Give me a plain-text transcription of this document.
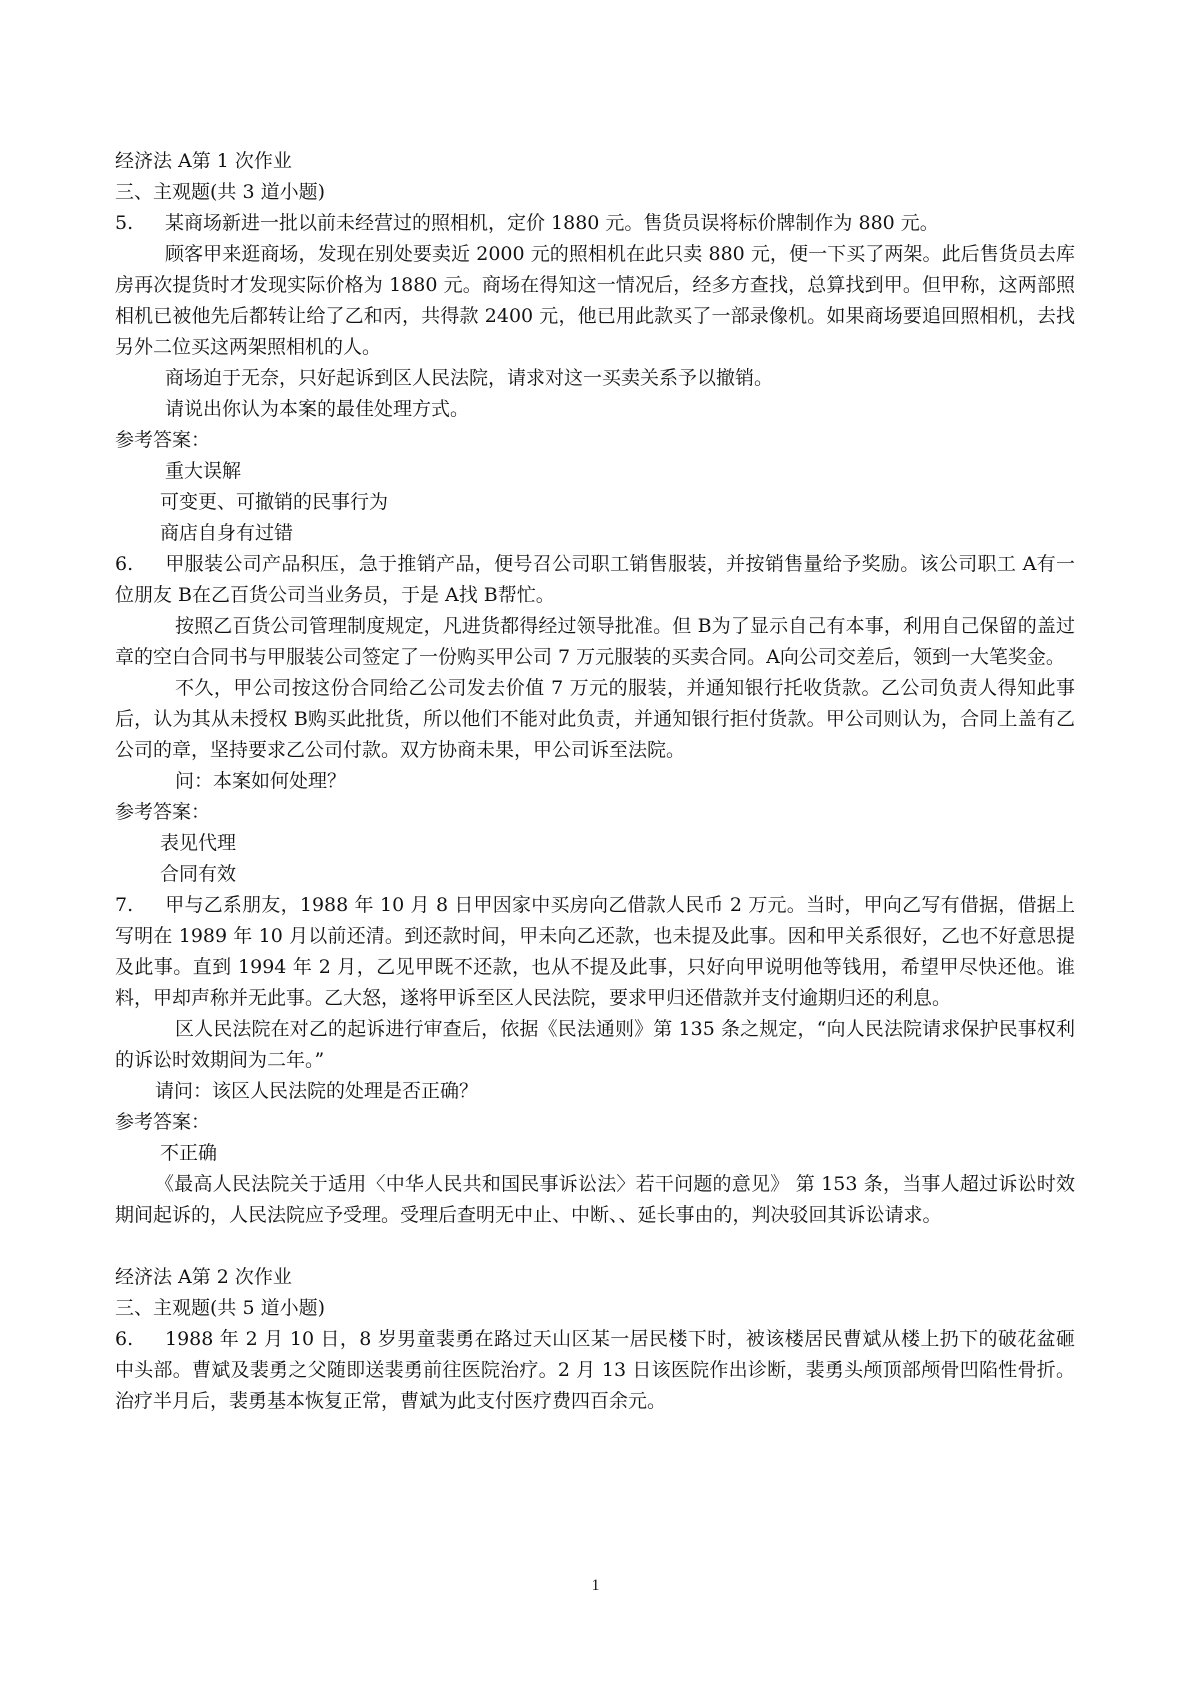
经济法 A第 1 次作业

三、主观题(共 3 道小题)

5. 某商场新进一批以前未经营过的照相机，定价 1880 元。售货员误将标价牌制作为 880 元。

顾客甲来逛商场，发现在别处要卖近 2000 元的照相机在此只卖 880 元，便一下买了两架。此后售货员去库房再次提货时才发现实际价格为 1880 元。商场在得知这一情况后，经多方查找，总算找到甲。但甲称，这两部照相机已被他先后都转让给了乙和丙，共得款 2400 元，他已用此款买了一部录像机。如果商场要追回照相机，去找另外二位买这两架照相机的人。

商场迫于无奈，只好起诉到区人民法院，请求对这一买卖关系予以撤销。

请说出你认为本案的最佳处理方式。

参考答案：

重大误解

可变更、可撤销的民事行为

商店自身有过错

6. 甲服装公司产品积压，急于推销产品，便号召公司职工销售服装，并按销售量给予奖励。该公司职工 A有一位朋友 B在乙百货公司当业务员，于是 A找 B帮忙。

按照乙百货公司管理制度规定，凡进货都得经过领导批准。但 B为了显示自己有本事，利用自己保留的盖过章的空白合同书与甲服装公司签定了一份购买甲公司 7 万元服装的买卖合同。A向公司交差后，领到一大笔奖金。

不久，甲公司按这份合同给乙公司发去价值 7 万元的服装，并通知银行托收货款。乙公司负责人得知此事后，认为其从未授权 B购买此批货，所以他们不能对此负责，并通知银行拒付货款。甲公司则认为，合同上盖有乙公司的章，坚持要求乙公司付款。双方协商未果，甲公司诉至法院。

问：本案如何处理？

参考答案：

表见代理

合同有效

7. 甲与乙系朋友，1988 年 10 月 8 日甲因家中买房向乙借款人民币 2 万元。当时，甲向乙写有借据，借据上写明在 1989 年 10 月以前还清。到还款时间，甲未向乙还款，也未提及此事。因和甲关系很好，乙也不好意思提及此事。直到 1994 年 2 月，乙见甲既不还款，也从不提及此事，只好向甲说明他等钱用，希望甲尽快还他。谁料，甲却声称并无此事。乙大怒，遂将甲诉至区人民法院，要求甲归还借款并支付逾期归还的利息。

区人民法院在对乙的起诉进行审查后，依据《民法通则》第 135 条之规定，“向人民法院请求保护民事权利的诉讼时效期间为二年。”

请问：该区人民法院的处理是否正确？

参考答案：

不正确

《最高人民法院关于适用〈中华人民共和国民事诉讼法〉若干问题的意见》 第 153 条，当事人超过诉讼时效期间起诉的，人民法院应予受理。受理后查明无中止、中断、、延长事由的，判决驳回其诉讼请求。

经济法 A第 2 次作业

三、主观题(共 5 道小题)

6. 1988 年 2 月 10 日，8 岁男童裴勇在路过天山区某一居民楼下时，被该楼居民曹斌从楼上扔下的破花盆砸中头部。曹斌及裴勇之父随即送裴勇前往医院治疗。2 月 13 日该医院作出诊断，裴勇头颅顶部颅骨凹陷性骨折。治疗半月后，裴勇基本恢复正常，曹斌为此支付医疗费四百余元。

1
